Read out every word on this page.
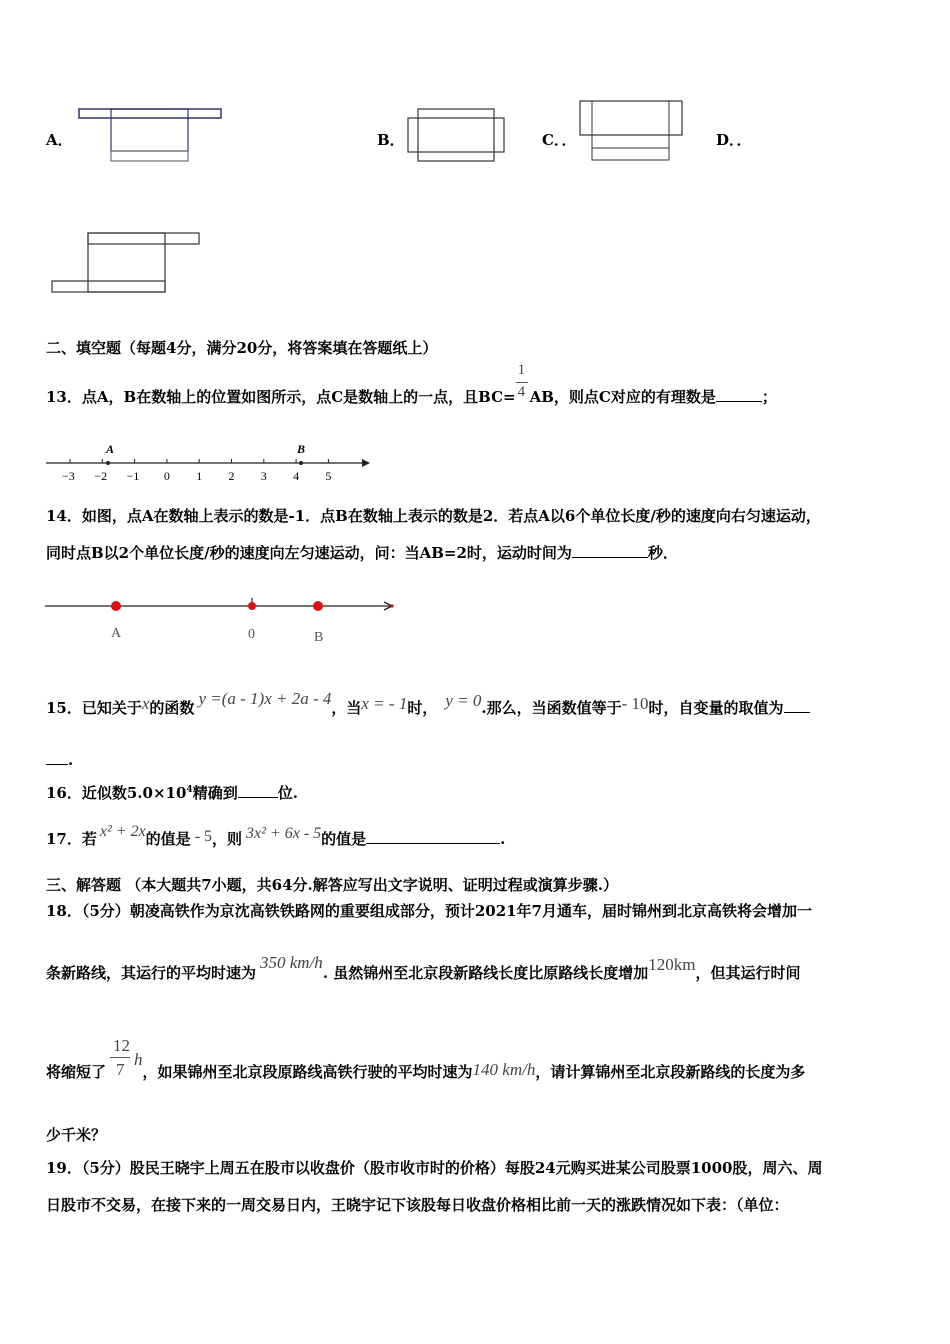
A．	B．	C．．	D．．
二、填空题（每题4分，满分20分，将答案填在答题纸上）
13．点A，B在数轴上的位置如图所示，点C是数轴上的一点，且$BC= \frac{1}{4}$ AB，则点C对应的有理数是	；
−3 −2 −1 0 1 2 3 4 5
A	B
14．如图，点A在数轴上表示的数是-1．点B在数轴上表示的数是2．若点A以6个单位长度/秒的速度向右匀速运动，
同时点B以2个单位长度/秒的速度向左匀速运动，问：当AB=2时，运动时间为	秒．
A	0	B
15．已知关于x的函数 y =(a - 1)x + 2a - 4，当x = - 1时， y = 0.那么，当函数值等于- 10时，自变量的取值为
.
16．近似数$5.0\times 10^4$精确到	位.
17．若 x² + 2x的值是 - 5，则 3x² + 6x - 5的值是	.
三、解答题 （本大题共7小题，共64分.解答应写出文字说明、证明过程或演算步骤.）
18．（5分）朝凌高铁作为京沈高铁铁路网的重要组成部分，预计2021年7月通车，届时锦州到北京高铁将会增加一
条新路线，其运行的平均时速为350 km/h. 虽然锦州至北京段新路线长度比原路线长度增加120km，但其运行时间
将缩短了 $\frac{12}{7}$
h，如果锦州至北京段原路线高铁行驶的平均时速为140 km/h，请计算锦州至北京段新路线的长度为多
少千米？
19．（5分）股民王晓宇上周五在股市以收盘价（股市收市时的价格）每股24元购买进某公司股票1000股，周六、周
日股市不交易，在接下来的一周交易日内，王晓宇记下该股每日收盘价格相比前一天的涨跌情况如下表：（单位：
